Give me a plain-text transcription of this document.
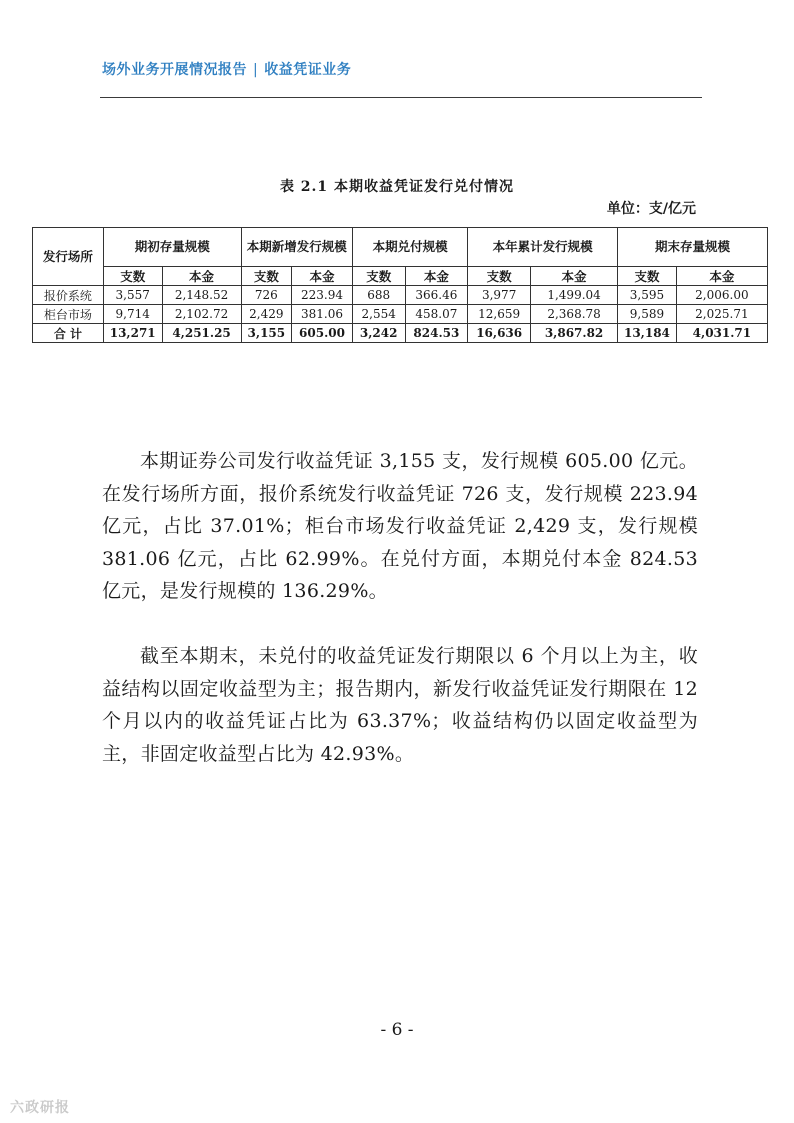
场外业务开展情况报告 | 收益凭证业务
表 2.1 本期收益凭证发行兑付情况
单位：支/亿元
发行场所	期初存量规模		本期新增发行规模		本期兑付规模		本年累计发行规模		期末存量规模	
	支数	本金	支数	本金	支数	本金	支数	本金	支数	本金
报价系统	3,557	2,148.52	726	223.94	688	366.46	3,977	1,499.04	3,595	2,006.00
柜台市场	9,714	2,102.72	2,429	381.06	2,554	458.07	12,659	2,368.78	9,589	2,025.71
合 计	13,271	4,251.25	3,155	605.00	3,242	824.53	16,636	3,867.82	13,184	4,031.71

本期证券公司发行收益凭证 3,155 支，发行规模 605.00 亿元。在发行场所方面，报价系统发行收益凭证 726 支，发行规模 223.94 亿元，占比 37.01%；柜台市场发行收益凭证 2,429 支，发行规模 381.06 亿元，占比 62.99%。在兑付方面，本期兑付本金 824.53 亿元，是发行规模的 136.29%。

截至本期末，未兑付的收益凭证发行期限以 6 个月以上为主，收益结构以固定收益型为主；报告期内，新发行收益凭证发行期限在 12 个月以内的收益凭证占比为 63.37%；收益结构仍以固定收益型为主，非固定收益型占比为 42.93%。

- 6 -
六政研报
